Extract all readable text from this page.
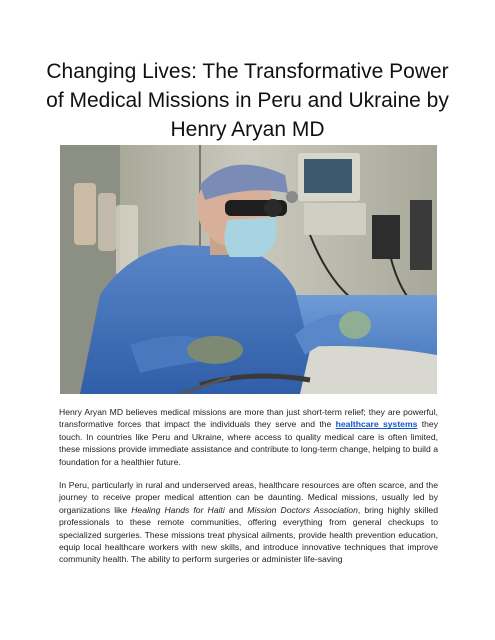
Changing Lives: The Transformative Power of Medical Missions in Peru and Ukraine by Henry Aryan MD

Henry Aryan MD believes medical missions are more than just short-term relief; they are powerful, transformative forces that impact the individuals they serve and the healthcare systems they touch. In countries like Peru and Ukraine, where access to quality medical care is often limited, these missions provide immediate assistance and contribute to long-term change, helping to build a foundation for a healthier future.

In Peru, particularly in rural and underserved areas, healthcare resources are often scarce, and the journey to receive proper medical attention can be daunting. Medical missions, usually led by organizations like Healing Hands for Haiti and Mission Doctors Association, bring highly skilled professionals to these remote communities, offering everything from general checkups to specialized surgeries. These missions treat physical ailments, provide health prevention education, equip local healthcare workers with new skills, and introduce innovative techniques that improve community health. The ability to perform surgeries or administer life-saving
